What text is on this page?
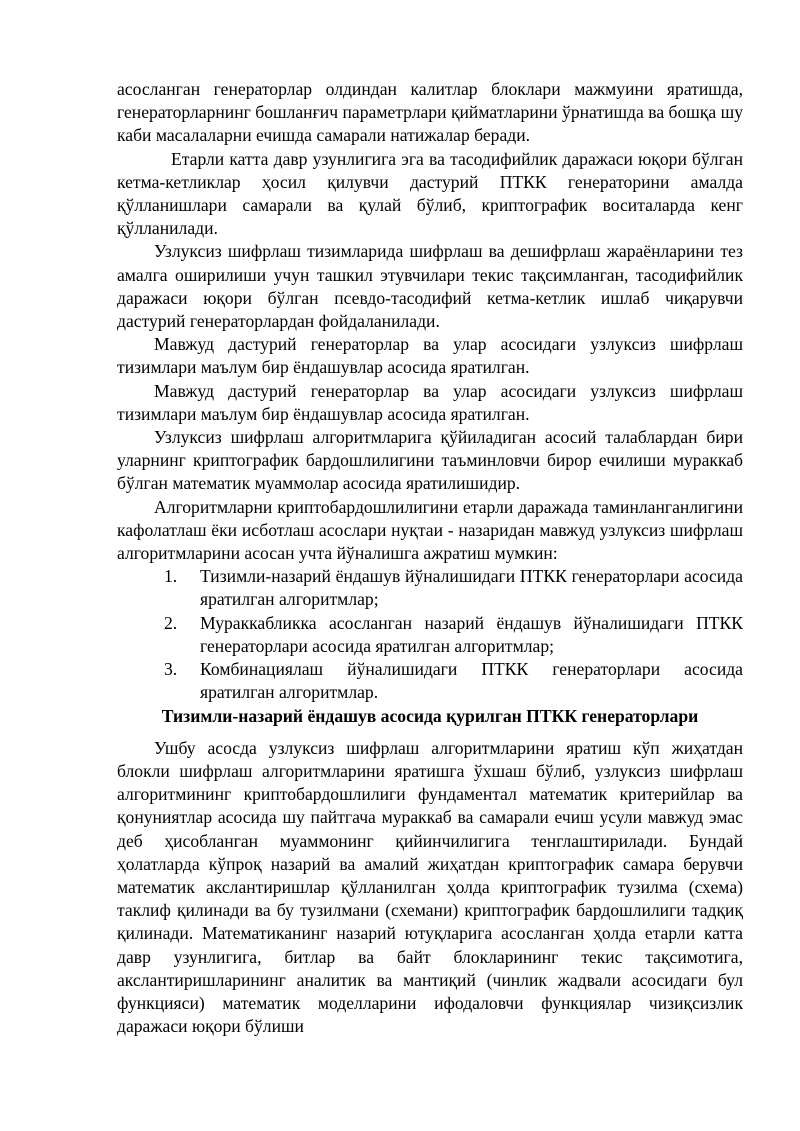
асосланган генераторлар олдиндан калитлар блоклари мажмуини яратишда, генераторларнинг бошланғич параметрлари қийматларини ўрнатишда ва бошқа шу каби масалаларни ечишда самарали натижалар беради.

Етарли катта давр узунлигига эга ва тасодифийлик даражаси юқори бўлган кетма-кетликлар ҳосил қилувчи дастурий ПТКК генераторини амалда қўлланишлари самарали ва қулай бўлиб, криптографик воситаларда кенг қўлланилади.

Узлуксиз шифрлаш тизимларида шифрлаш ва дешифрлаш жараёнларини тез амалга оширилиши учун ташкил этувчилари текис тақсимланган, тасодифийлик даражаси юқори бўлган псевдо-тасодифий кетма-кетлик ишлаб чиқарувчи дастурий генераторлардан фойдаланилади.

Мавжуд дастурий генераторлар ва улар асосидаги узлуксиз шифрлаш тизимлари маълум бир ёндашувлар асосида яратилган.

Мавжуд дастурий генераторлар ва улар асосидаги узлуксиз шифрлаш тизимлари маълум бир ёндашувлар асосида яратилган.

Узлуксиз шифрлаш алгоритмларига қўйиладиган асосий талаблардан бири уларнинг криптографик бардошлилигини таъминловчи бирор ечилиши мураккаб бўлган математик муаммолар асосида яратилишидир.

Алгоритмларни криптобардошлилигини етарли даражада таминланганлигини кафолатлаш ёки исботлаш асослари нуқтаи - назаридан мавжуд узлуксиз шифрлаш алгоритмларини асосан учта йўналишга ажратиш мумкин:

1. Тизимли-назарий ёндашув йўналишидаги ПТКК генераторлари асосида яратилган алгоритмлар;
2. Мураккабликка асосланган назарий ёндашув йўналишидаги ПТКК генераторлари асосида яратилган алгоритмлар;
3. Комбинациялаш йўналишидаги ПТКК генераторлари асосида яратилган алгоритмлар.

Тизимли-назарий ёндашув асосида қурилган ПТКК генераторлари

Ушбу асосда узлуксиз шифрлаш алгоритмларини яратиш кўп жиҳатдан блокли шифрлаш алгоритмларини яратишга ўхшаш бўлиб, узлуксиз шифрлаш алгоритмининг криптобардошлилиги фундаментал математик критерийлар ва қонуниятлар асосида шу пайтгача мураккаб ва самарали ечиш усули мавжуд эмас деб ҳисобланган муаммонинг қийинчилигига тенглаштирилади. Бундай ҳолатларда кўпроқ назарий ва амалий жиҳатдан криптографик самара берувчи математик акслантиришлар қўлланилган ҳолда криптографик тузилма (схема) таклиф қилинади ва бу тузилмани (схемани) криптографик бардошлилиги тадқиқ қилинади. Математиканинг назарий ютуқларига асосланган ҳолда етарли катта давр узунлигига, битлар ва байт блокларининг текис тақсимотига, акслантиришларининг аналитик ва мантиқий (чинлик жадвали асосидаги бул функцияси) математик моделларини ифодаловчи функциялар чизиқсизлик даражаси юқори бўлиши
